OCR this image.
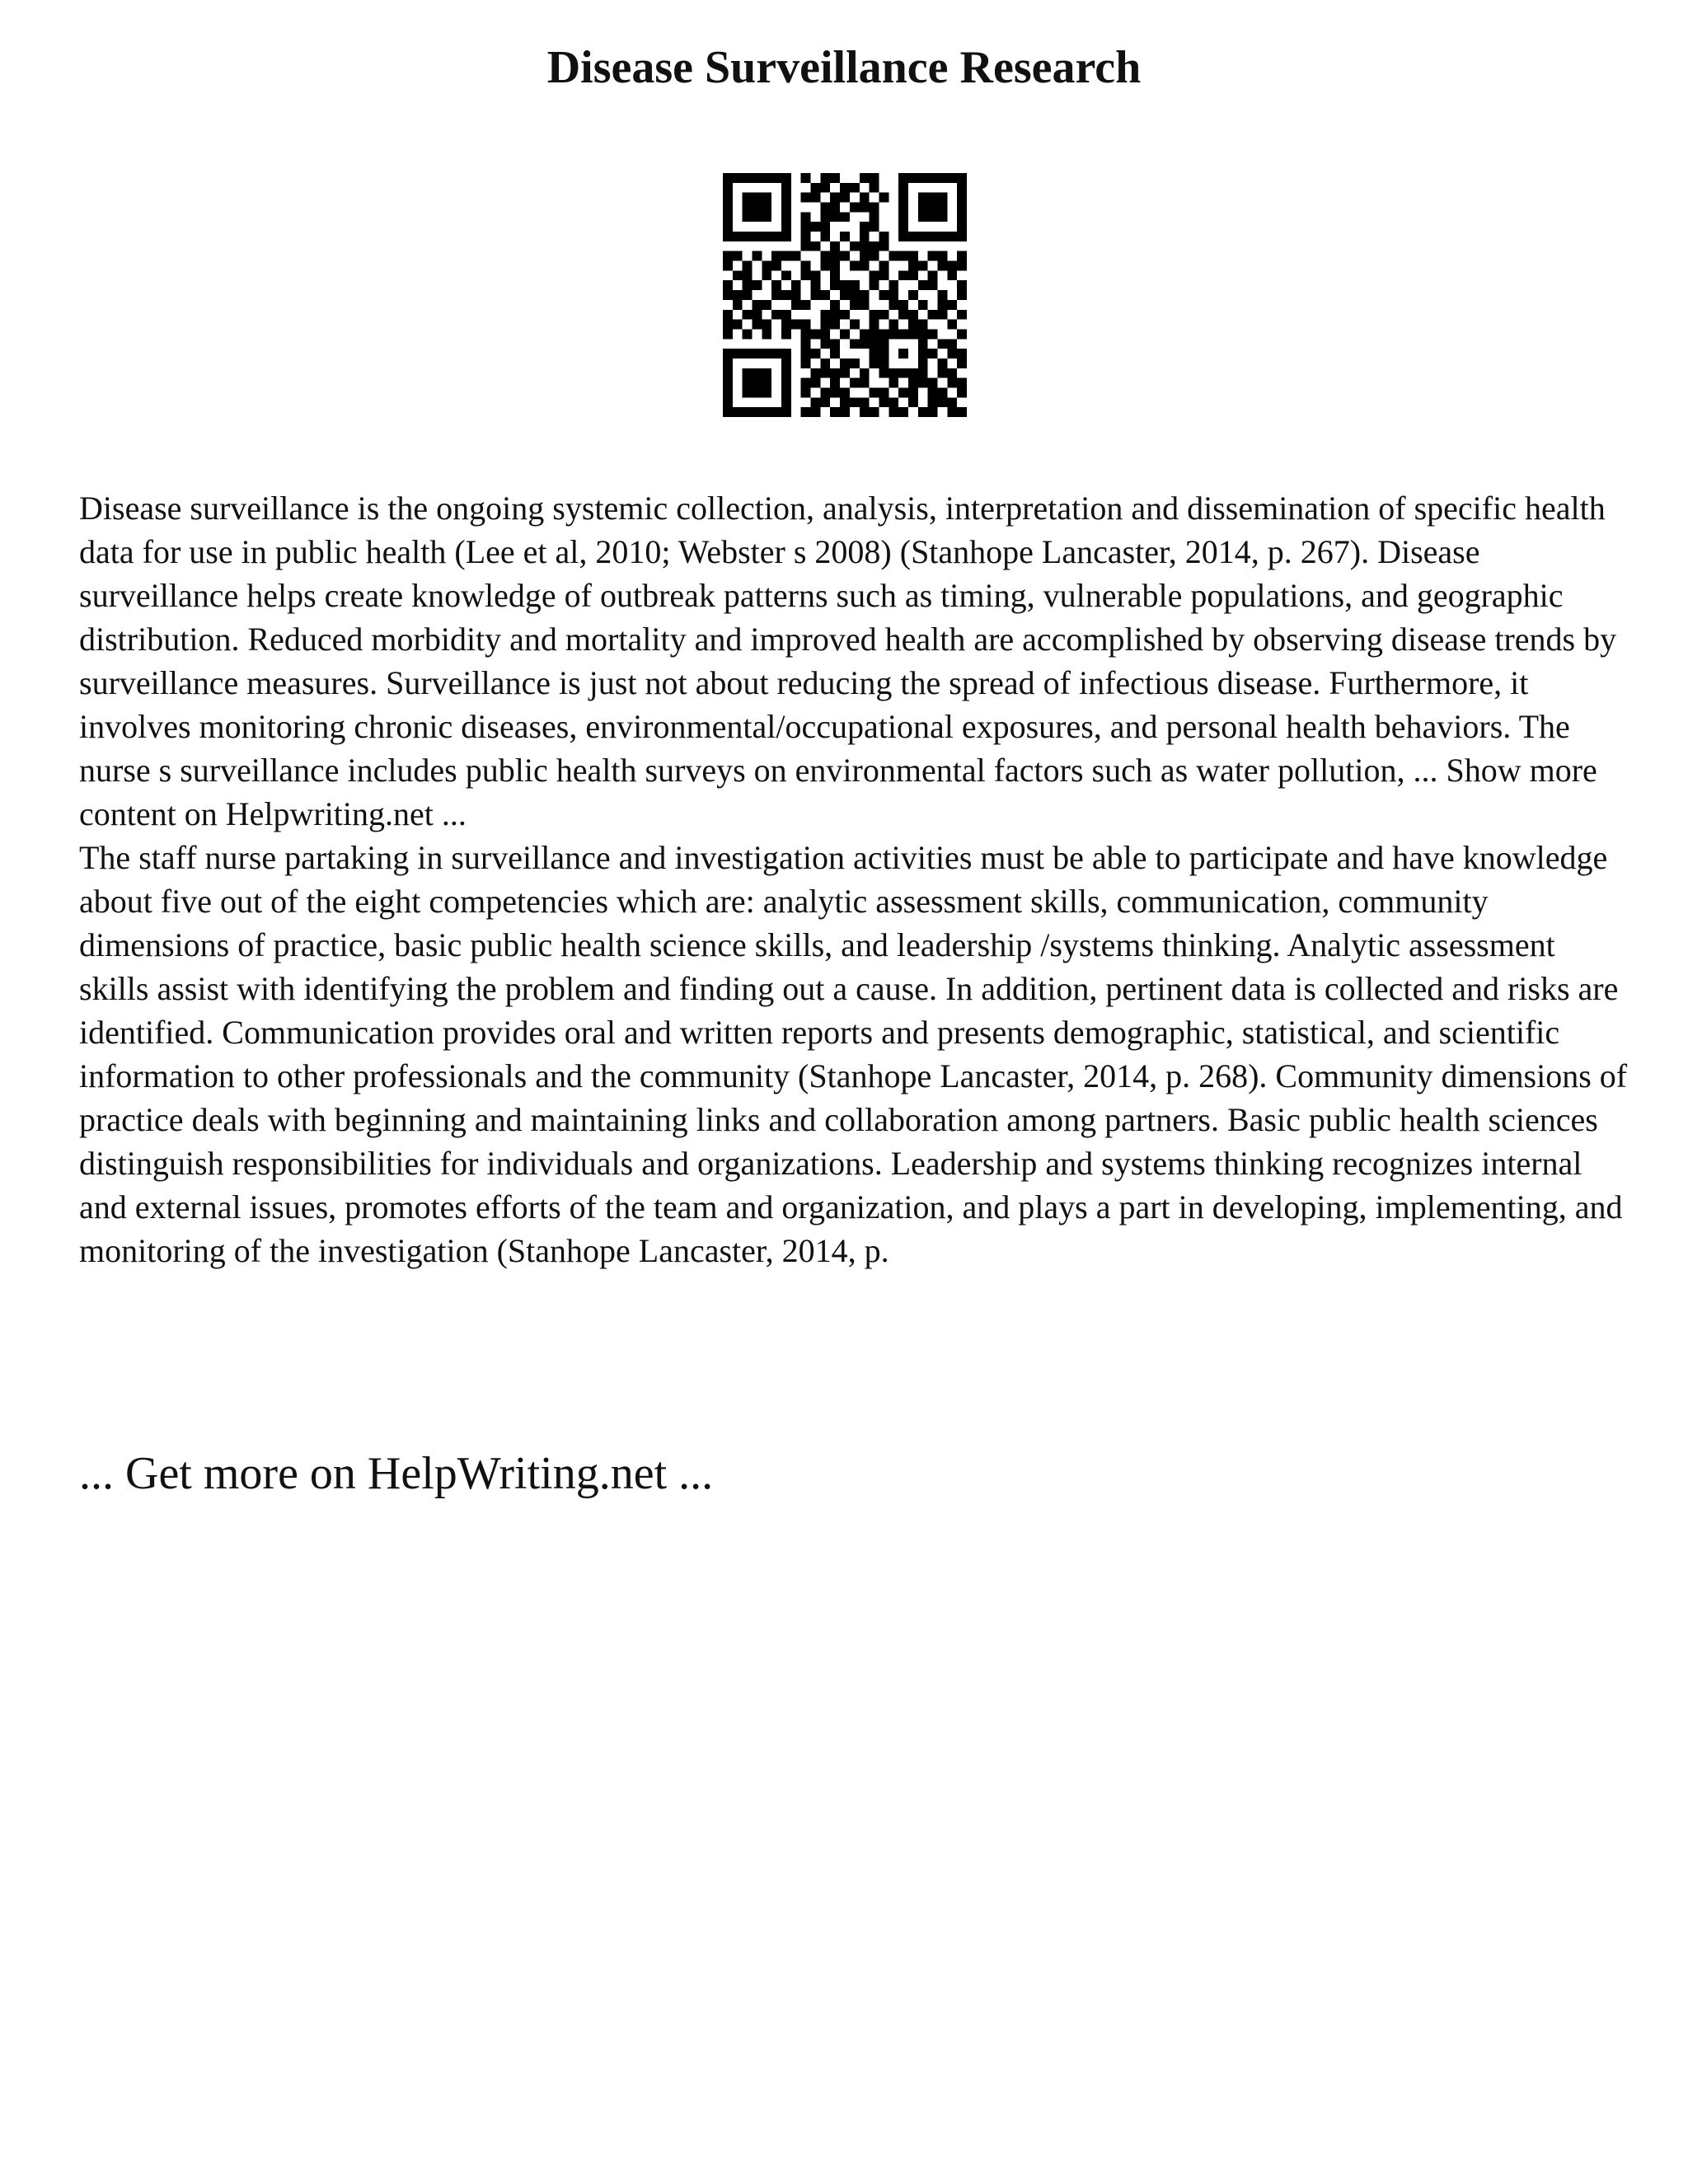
Disease Surveillance Research

Disease surveillance is the ongoing systemic collection, analysis, interpretation and dissemination of specific health data for use in public health (Lee et al, 2010; Webster s 2008) (Stanhope Lancaster, 2014, p. 267). Disease surveillance helps create knowledge of outbreak patterns such as timing, vulnerable populations, and geographic distribution. Reduced morbidity and mortality and improved health are accomplished by observing disease trends by surveillance measures. Surveillance is just not about reducing the spread of infectious disease. Furthermore, it involves monitoring chronic diseases, environmental/occupational exposures, and personal health behaviors. The nurse s surveillance includes public health surveys on environmental factors such as water pollution, ... Show more content on Helpwriting.net ...

The staff nurse partaking in surveillance and investigation activities must be able to participate and have knowledge about five out of the eight competencies which are: analytic assessment skills, communication, community dimensions of practice, basic public health science skills, and leadership /systems thinking. Analytic assessment skills assist with identifying the problem and finding out a cause. In addition, pertinent data is collected and risks are identified. Communication provides oral and written reports and presents demographic, statistical, and scientific information to other professionals and the community (Stanhope Lancaster, 2014, p. 268). Community dimensions of practice deals with beginning and maintaining links and collaboration among partners. Basic public health sciences distinguish responsibilities for individuals and organizations. Leadership and systems thinking recognizes internal and external issues, promotes efforts of the team and organization, and plays a part in developing, implementing, and monitoring of the investigation (Stanhope Lancaster, 2014, p.

... Get more on HelpWriting.net ...
